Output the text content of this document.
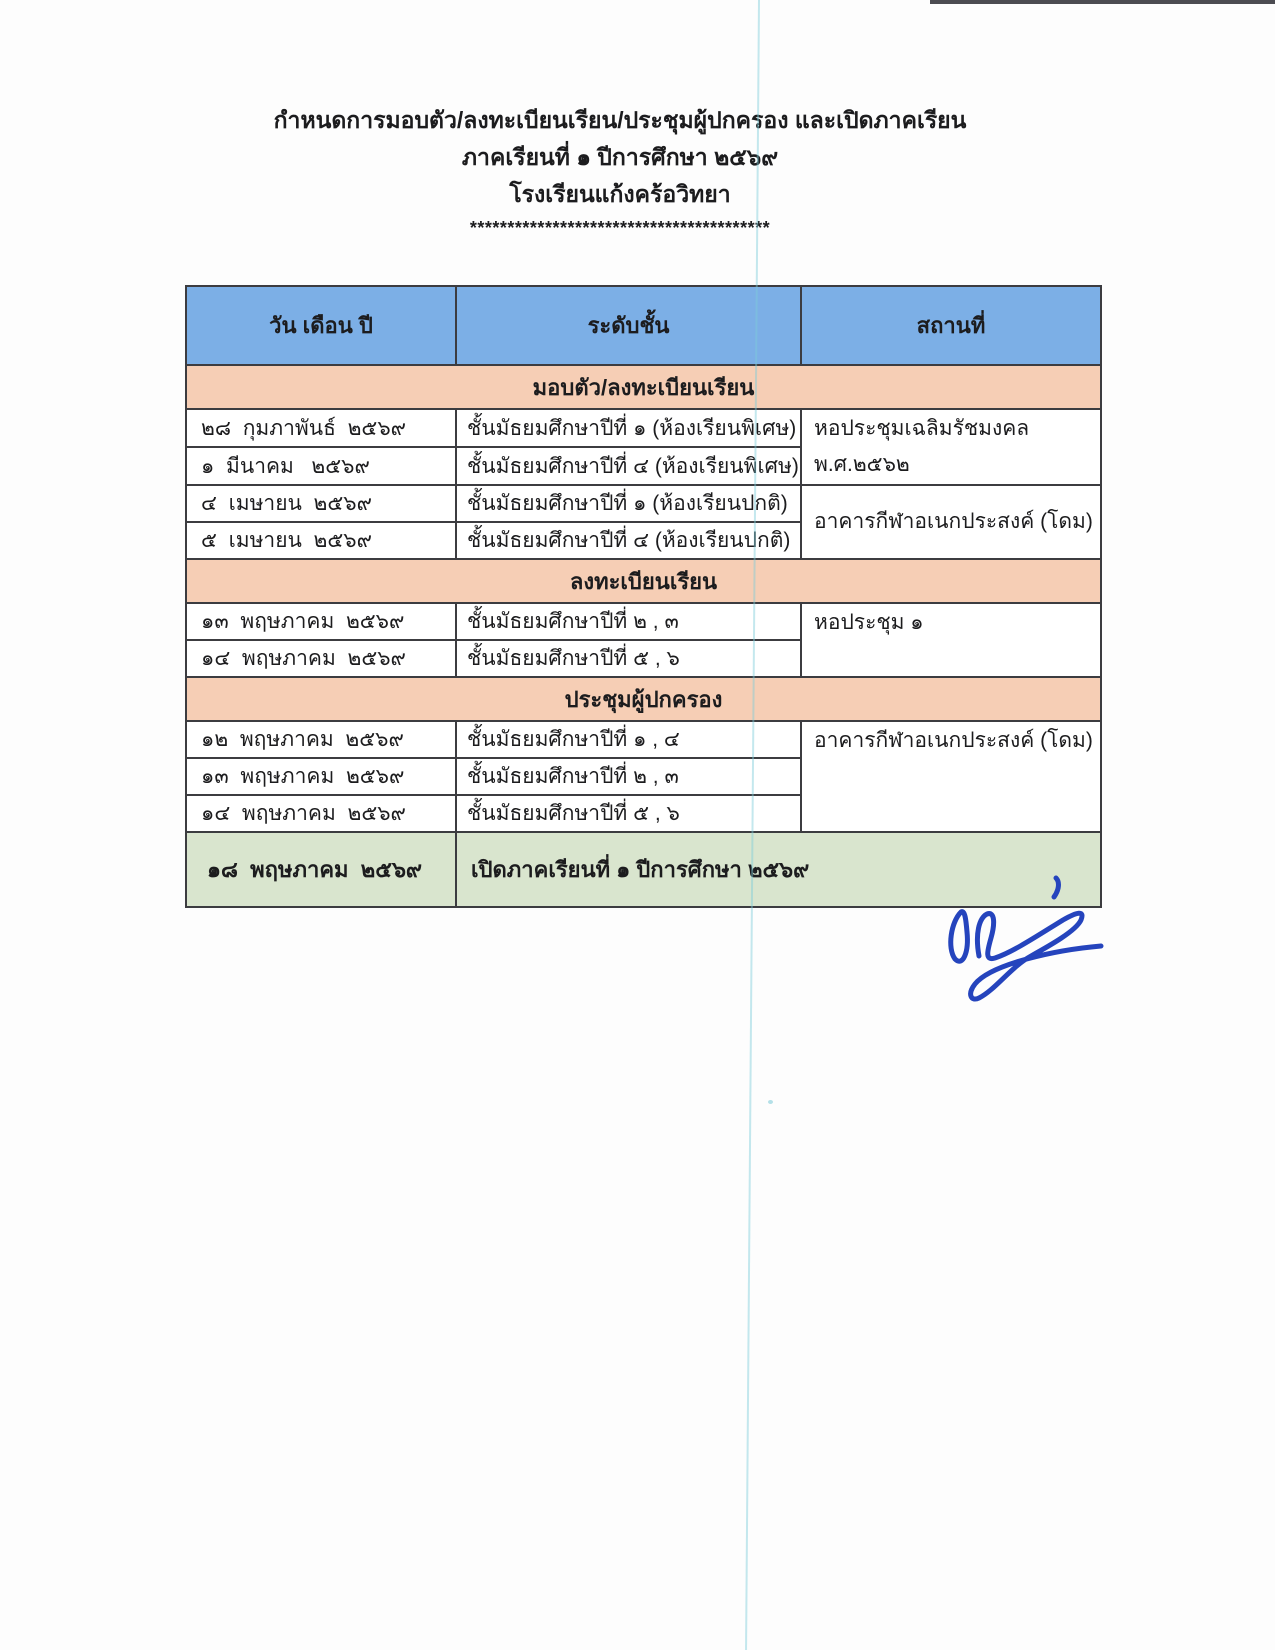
กำหนดการมอบตัว/ลงทะเบียนเรียน/ประชุมผู้ปกครอง และเปิดภาคเรียน
ภาคเรียนที่ ๑ ปีการศึกษา ๒๕๖๙
โรงเรียนแก้งคร้อวิทยา
****************************************
วัน เดือน ปี	ระดับชั้น	สถานที่
มอบตัว/ลงทะเบียนเรียน		
๒๘  กุมภาพันธ์  ๒๕๖๙	ชั้นมัธยมศึกษาปีที่ ๑ (ห้องเรียนพิเศษ)	หอประชุมเฉลิมรัชมงคล
พ.ศ.๒๕๖๒

๑  มีนาคม   ๒๕๖๙	ชั้นมัธยมศึกษาปีที่ ๔ (ห้องเรียนพิเศษ)	
๔  เมษายน  ๒๕๖๙	ชั้นมัธยมศึกษาปีที่ ๑ (ห้องเรียนปกติ)	อาคารกีฬาอเนกประสงค์ (โดม)
๕  เมษายน  ๒๕๖๙	ชั้นมัธยมศึกษาปีที่ ๔ (ห้องเรียนปกติ)	
ลงทะเบียนเรียน		
๑๓  พฤษภาคม  ๒๕๖๙	ชั้นมัธยมศึกษาปีที่ ๒ , ๓	หอประชุม ๑
๑๔  พฤษภาคม  ๒๕๖๙	ชั้นมัธยมศึกษาปีที่ ๕ , ๖	
ประชุมผู้ปกครอง		
๑๒  พฤษภาคม  ๒๕๖๙	ชั้นมัธยมศึกษาปีที่ ๑ , ๔	อาคารกีฬาอเนกประสงค์ (โดม)
๑๓  พฤษภาคม  ๒๕๖๙	ชั้นมัธยมศึกษาปีที่ ๒ , ๓	
๑๔  พฤษภาคม  ๒๕๖๙	ชั้นมัธยมศึกษาปีที่ ๕ , ๖	
๑๘  พฤษภาคม  ๒๕๖๙	เปิดภาคเรียนที่ ๑ ปีการศึกษา ๒๕๖๙	
